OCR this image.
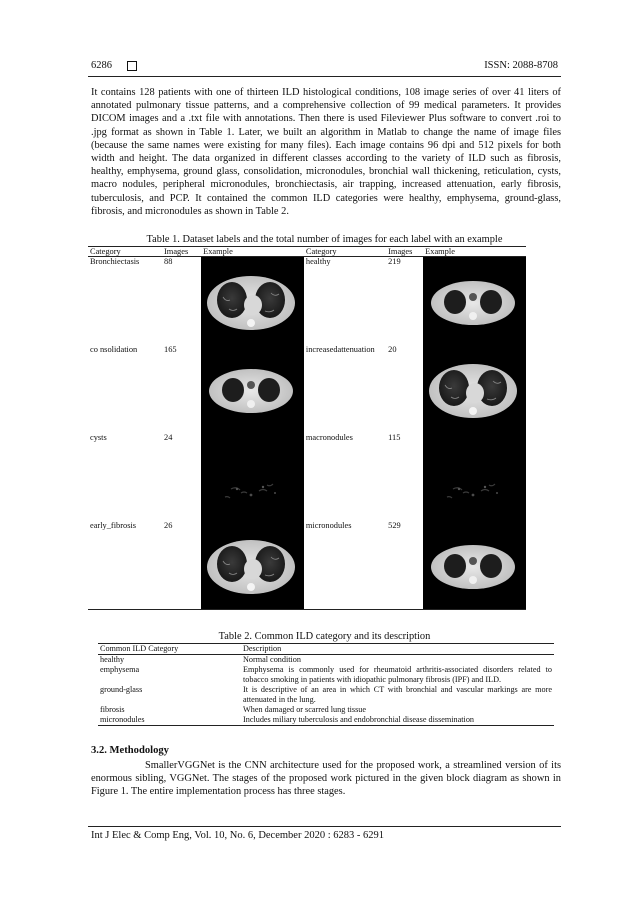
6286	ISSN: 2088-8708
It contains 128 patients with one of thirteen ILD histological conditions, 108 image series of over 41 liters of annotated pulmonary tissue patterns, and a comprehensive collection of 99 medical parameters. It provides DICOM images and a .txt file with annotations. Then there is used Fileviewer Plus software to convert .roi to .jpg format as shown in Table 1. Later, we built an algorithm in Matlab to change the name of image files (because the same names were existing for many files). Each image contains 96 dpi and 512 pixels for both width and height. The data organized in different classes according to the variety of ILD such as fibrosis, healthy, emphysema, ground glass, consolidation, micronodules, bronchial wall thickening, reticulation, cysts, macro nodules, peripheral micronodules, bronchiectasis, air trapping, increased attenuation, early fibrosis, tuberculosis, and PCP. It contained the common ILD categories were healthy, emphysema, ground-glass, fibrosis, and micronodules as shown in Table 2.
Table 1. Dataset labels and the total number of images for each label with an example
Category	Images	Example	Category	Images	Example
Bronchiectasis	88		healthy	219	

co nsolidation	165		increasedattenuation	20	

cysts	24		macronodules	115	

early_fibrosis	26		micronodules	529	
Table 2. Common ILD category and its description
Common ILD Category	Description
healthy	Normal condition
emphysema	Emphysema is commonly used for rheumatoid arthritis-associated disorders related to tobacco smoking in patients with idiopathic pulmonary fibrosis (IPF) and ILD.
ground-glass	It is descriptive of an area in which CT with bronchial and vascular markings are more attenuated in the lung.
fibrosis	When damaged or scarred lung tissue
micronodules	Includes miliary tuberculosis and endobronchial disease dissemination
3.2. Methodology
SmallerVGGNet is the CNN architecture used for the proposed work, a streamlined version of its enormous sibling, VGGNet. The stages of the proposed work pictured in the given block diagram as shown in Figure 1. The entire implementation process has three stages.
Int J Elec & Comp Eng, Vol. 10, No. 6, December 2020 : 6283 - 6291
